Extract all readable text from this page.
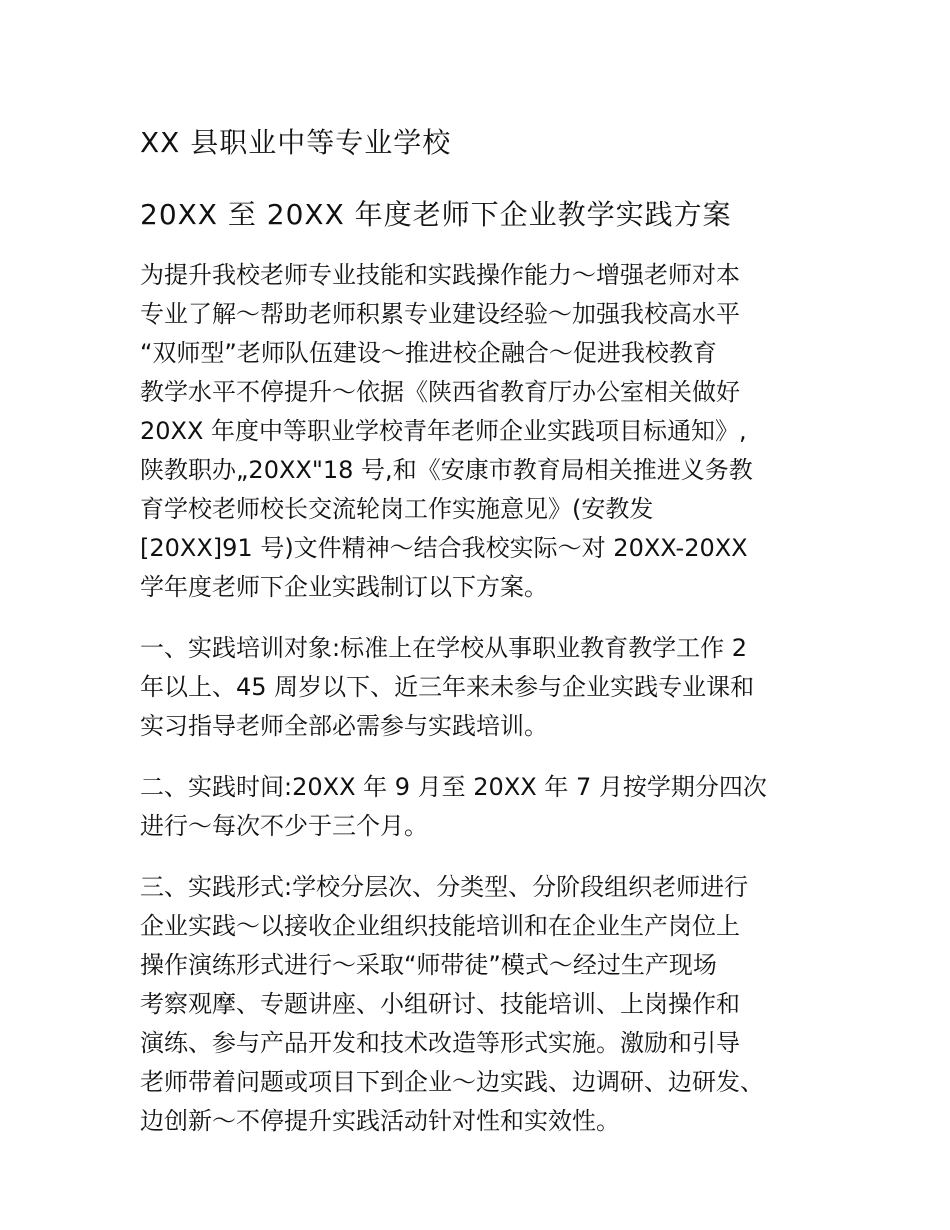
XX 县职业中等专业学校
20XX 至 20XX 年度老师下企业教学实践方案

为提升我校老师专业技能和实践操作能力～增强老师对本
专业了解～帮助老师积累专业建设经验～加强我校高水平
“双师型”老师队伍建设～推进校企融合～促进我校教育
教学水平不停提升～依据《陕西省教育厅办公室相关做好
20XX 年度中等职业学校青年老师企业实践项目标通知》,
陕教职办„20XX"18 号,和《安康市教育局相关推进义务教
育学校老师校长交流轮岗工作实施意见》(安教发
[20XX]91 号)文件精神～结合我校实际～对 20XX-20XX
学年度老师下企业实践制订以下方案。

一、实践培训对象:标准上在学校从事职业教育教学工作 2
年以上、45 周岁以下、近三年来未参与企业实践专业课和
实习指导老师全部必需参与实践培训。

二、实践时间:20XX 年 9 月至 20XX 年 7 月按学期分四次
进行～每次不少于三个月。

三、实践形式:学校分层次、分类型、分阶段组织老师进行
企业实践～以接收企业组织技能培训和在企业生产岗位上
操作演练形式进行～采取“师带徒”模式～经过生产现场
考察观摩、专题讲座、小组研讨、技能培训、上岗操作和
演练、参与产品开发和技术改造等形式实施。激励和引导
老师带着问题或项目下到企业～边实践、边调研、边研发、
边创新～不停提升实践活动针对性和实效性。
